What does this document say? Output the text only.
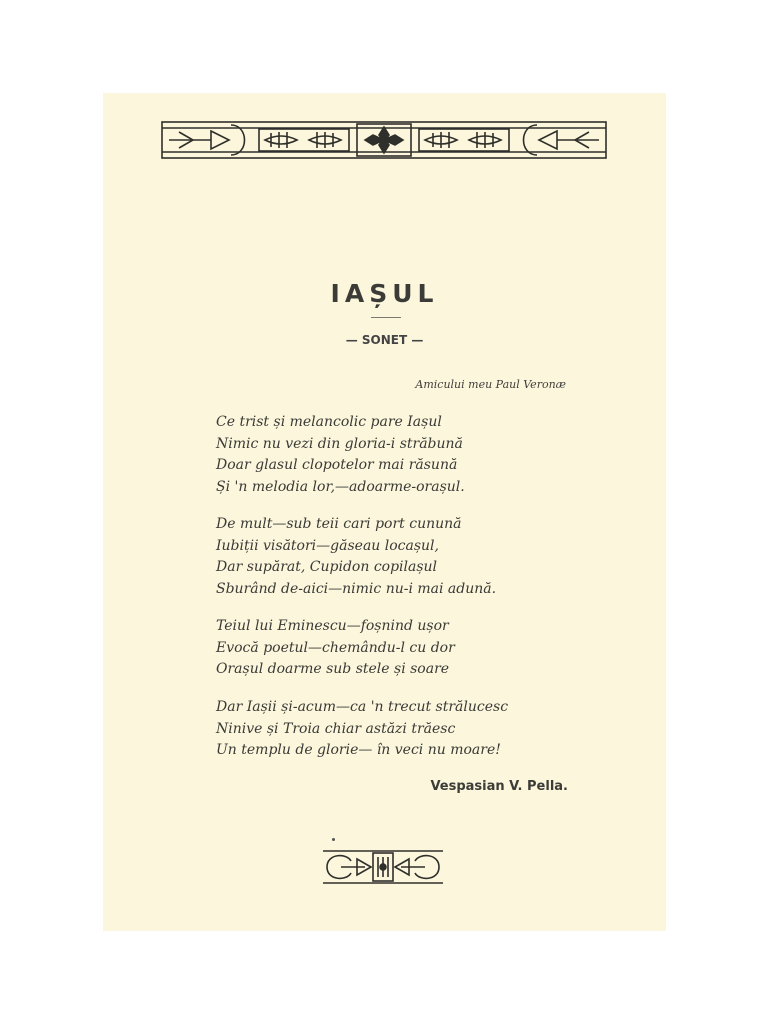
IAȘUL
— SONET —
Amicului meu Paul Veronæ
Ce trist și melancolic pare Iașul
Nimic nu vezi din gloria-i străbună
Doar glasul clopotelor mai răsună
Și 'n melodia lor,—adoarme-orașul.
De mult—sub teii cari port cunună
Iubiții visători—găseau locașul,
Dar supărat, Cupidon copilașul
Sburând de-aici—nimic nu-i mai adună.
Teiul lui Eminescu—foșnind ușor
Evocă poetul—chemându-l cu dor
Orașul doarme sub stele și soare
Dar Iașii și-acum—ca 'n trecut strălucesc
Ninive și Troia chiar astăzi trăesc
Un templu de glorie— în veci nu moare!
Vespasian V. Pella.
